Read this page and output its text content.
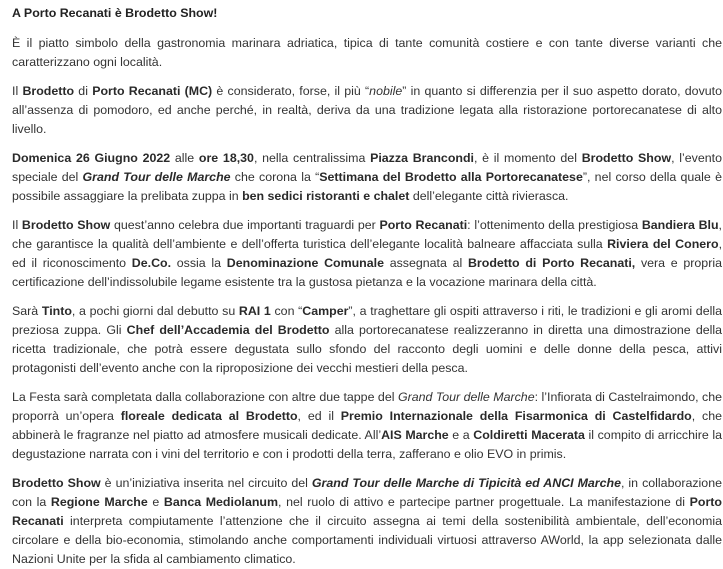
A Porto Recanati è Brodetto Show!

È il piatto simbolo della gastronomia marinara adriatica, tipica di tante comunità costiere e con tante diverse varianti che caratterizzano ogni località.

Il Brodetto di Porto Recanati (MC) è considerato, forse, il più “nobile” in quanto si differenzia per il suo aspetto dorato, dovuto all’assenza di pomodoro, ed anche perché, in realtà, deriva da una tradizione legata alla ristorazione portorecanatese di alto livello.

Domenica 26 Giugno 2022 alle ore 18,30, nella centralissima Piazza Brancondi, è il momento del Brodetto Show, l’evento speciale del Grand Tour delle Marche che corona la “Settimana del Brodetto alla Portorecanatese”, nel corso della quale è possibile assaggiare la prelibata zuppa in ben sedici ristoranti e chalet dell’elegante città rivierasca.

Il Brodetto Show quest’anno celebra due importanti traguardi per Porto Recanati: l’ottenimento della prestigiosa Bandiera Blu, che garantisce la qualità dell’ambiente e dell’offerta turistica dell’elegante località balneare affacciata sulla Riviera del Conero, ed il riconoscimento De.Co. ossia la Denominazione Comunale assegnata al Brodetto di Porto Recanati, vera e propria certificazione dell’indissolubile legame esistente tra la gustosa pietanza e la vocazione marinara della città.

Sarà Tinto, a pochi giorni dal debutto su RAI 1 con “Camper”, a traghettare gli ospiti attraverso i riti, le tradizioni e gli aromi della preziosa zuppa. Gli Chef dell’Accademia del Brodetto alla portorecanatese realizzeranno in diretta una dimostrazione della ricetta tradizionale, che potrà essere degustata sullo sfondo del racconto degli uomini e delle donne della pesca, attivi protagonisti dell’evento anche con la riproposizione dei vecchi mestieri della pesca.

La Festa sarà completata dalla collaborazione con altre due tappe del Grand Tour delle Marche: l’Infiorata di Castelraimondo, che proporrà un’opera floreale dedicata al Brodetto, ed il Premio Internazionale della Fisarmonica di Castelfidardo, che abbinerà le fragranze nel piatto ad atmosfere musicali dedicate. All’AIS Marche e a Coldiretti Macerata il compito di arricchire la degustazione narrata con i vini del territorio e con i prodotti della terra, zafferano e olio EVO in primis.

Brodetto Show è un’iniziativa inserita nel circuito del Grand Tour delle Marche di Tipicità ed ANCI Marche, in collaborazione con la Regione Marche e Banca Mediolanum, nel ruolo di attivo e partecipe partner progettuale. La manifestazione di Porto Recanati interpreta compiutamente l’attenzione che il circuito assegna ai temi della sostenibilità ambientale, dell’economia circolare e della bio-economia, stimolando anche comportamenti individuali virtuosi attraverso AWorld, la app selezionata dalle Nazioni Unite per la sfida al cambiamento climatico.
